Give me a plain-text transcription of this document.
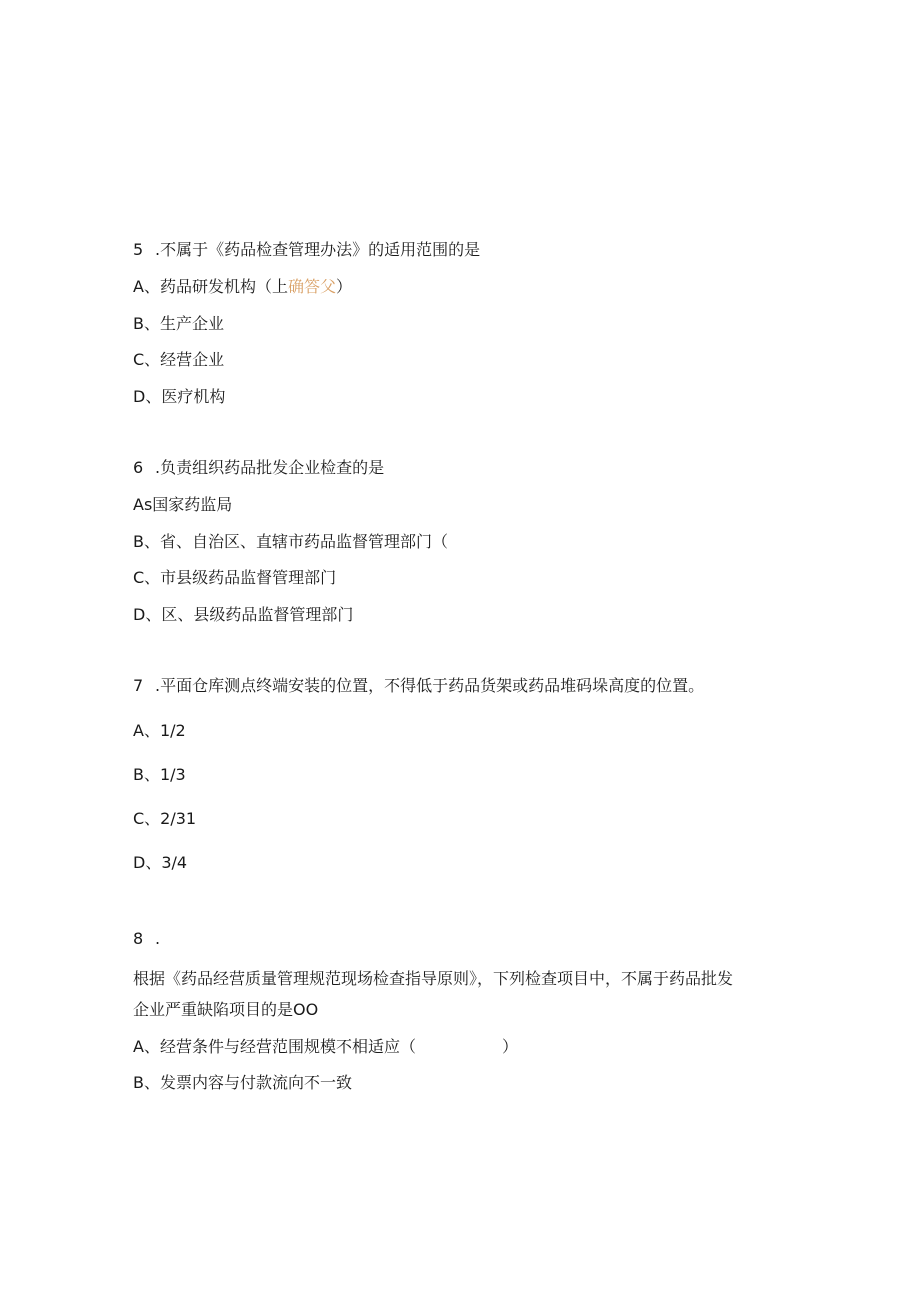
5 .不属于《药品检查管理办法》的适用范围的是
A、药品研发机构（上确答父）
B、生产企业
C、经营企业
D、医疗机构
6 .负责组织药品批发企业检查的是
As国家药监局
B、省、自治区、直辖市药品监督管理部门（
C、市县级药品监督管理部门
D、区、县级药品监督管理部门
7 .平面仓库测点终端安装的位置，不得低于药品货架或药品堆码垛高度的位置。
A、1/2
B、1/3
C、2/31
D、3/4
8 .
根据《药品经营质量管理规范现场检查指导原则》，下列检查项目中，不属于药品批发
企业严重缺陷项目的是OO
A、经营条件与经营范围规模不相适应（	）
B、发票内容与付款流向不一致
